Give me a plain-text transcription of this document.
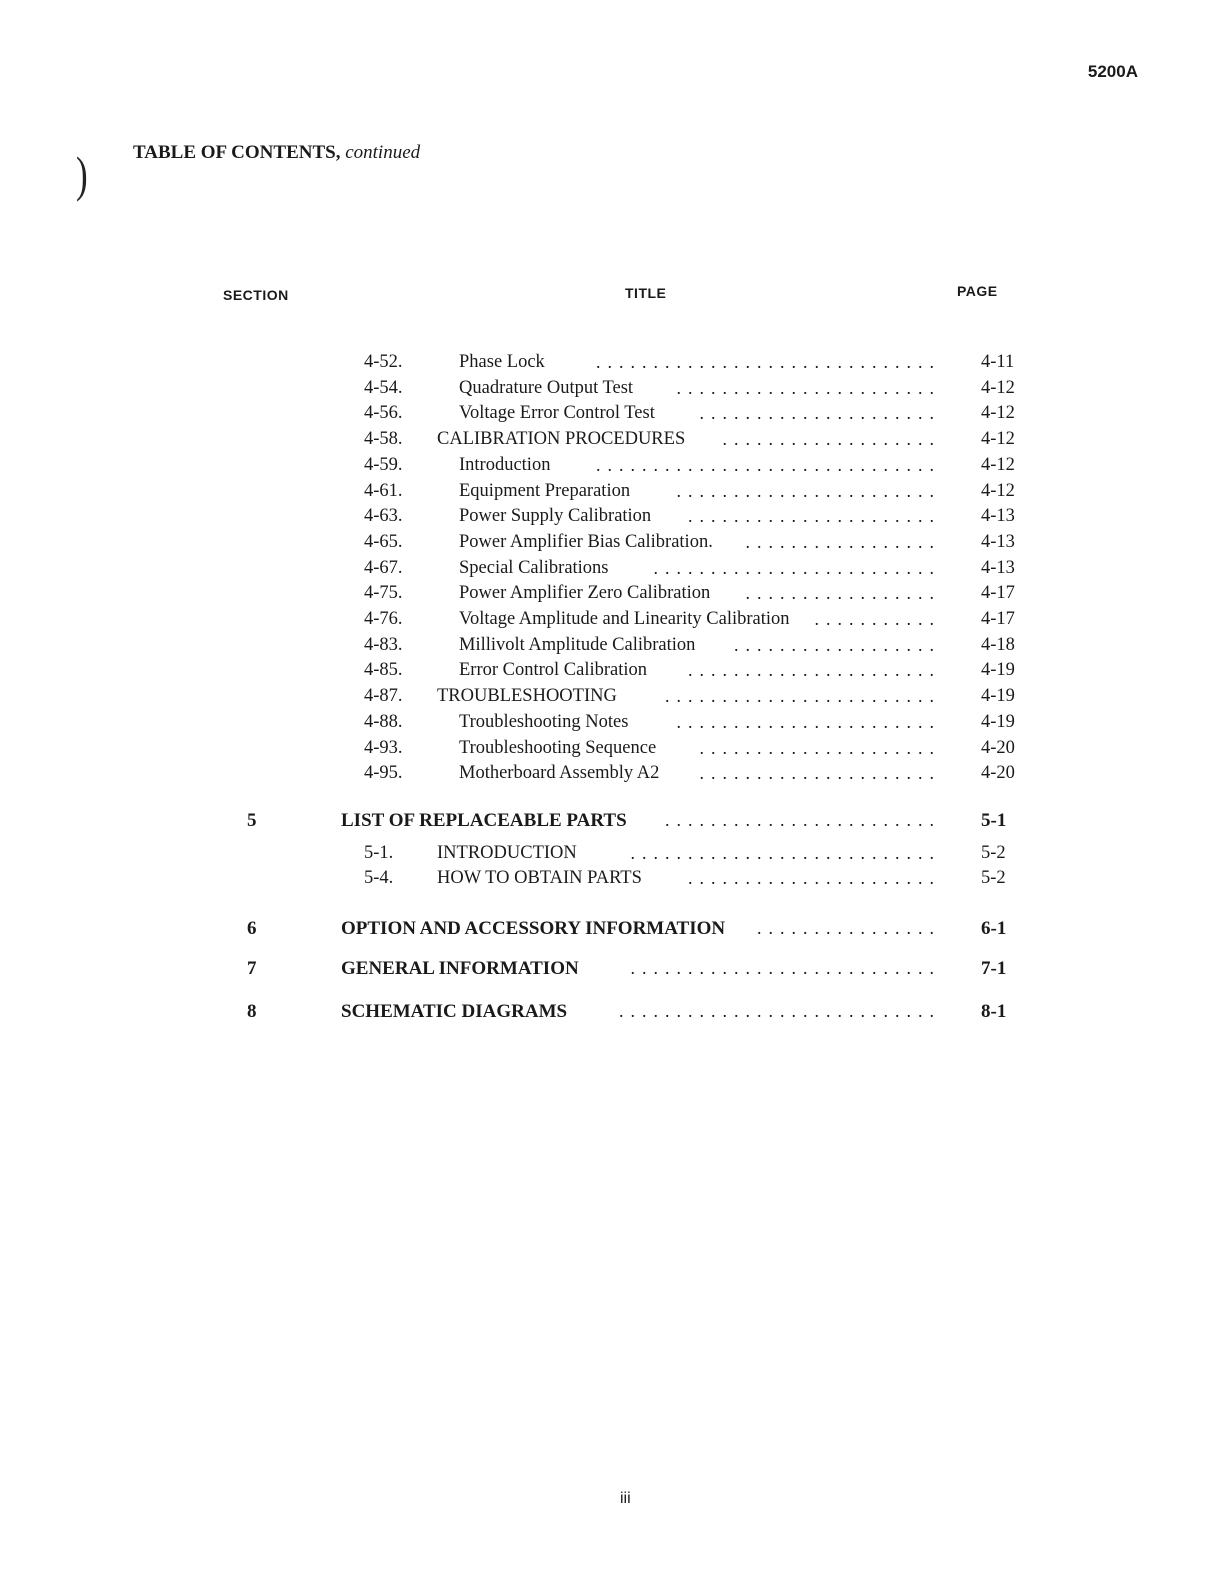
5200A
) TABLE OF CONTENTS, continued
SECTION	TITLE	PAGE
4-52.	Phase Lock	4-11
..............................
4-54.	Quadrature Output Test	4-12
.......................
4-56.	Voltage Error Control Test	4-12
.....................
4-58. CALIBRATION PROCEDURES	4-12
...................
4-59.	Introduction	4-12
..............................
4-61.	Equipment Preparation	4-12
.......................
4-63.	Power Supply Calibration	4-13
......................
4-65.	Power Amplifier Bias Calibration.	4-13
.................
4-67.	Special Calibrations	4-13
.........................
4-75.	Power Amplifier Zero Calibration	4-17
.................
4-76.	Voltage Amplitude and Linearity Calibration	4-17
...........
4-83.	Millivolt Amplitude Calibration	4-18
..................
4-85.	Error Control Calibration	4-19
......................
4-87. TROUBLESHOOTING	4-19
........................
4-88.	Troubleshooting Notes	4-19
.......................
4-93.	Troubleshooting Sequence	4-20
.....................
4-95.	Motherboard Assembly A2	4-20
.....................
5	LIST OF REPLACEABLE PARTS	5-1
........................
5-1. INTRODUCTION	5-2
...........................
5-4. HOW TO OBTAIN PARTS	5-2
......................
6	OPTION AND ACCESSORY INFORMATION	6-1
................
7	GENERAL INFORMATION	7-1
...........................
8	SCHEMATIC DIAGRAMS	8-1
............................
iii
